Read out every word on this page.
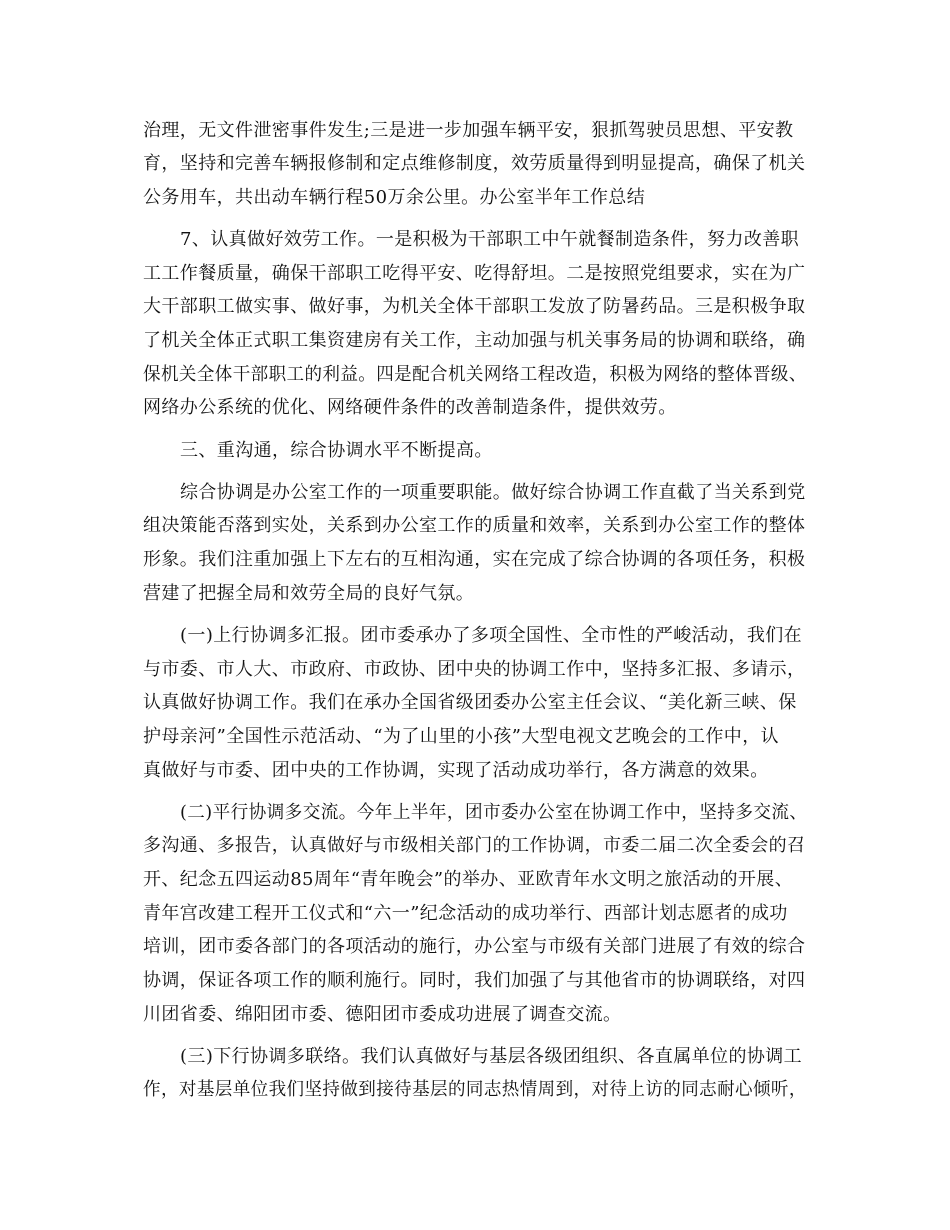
治理，无文件泄密事件发生;三是进一步加强车辆平安，狠抓驾驶员思想、平安教
育，坚持和完善车辆报修制和定点维修制度，效劳质量得到明显提高，确保了机关
公务用车，共出动车辆行程50万余公里。办公室半年工作总结
7、认真做好效劳工作。一是积极为干部职工中午就餐制造条件，努力改善职
工工作餐质量，确保干部职工吃得平安、吃得舒坦。二是按照党组要求，实在为广
大干部职工做实事、做好事，为机关全体干部职工发放了防暑药品。三是积极争取
了机关全体正式职工集资建房有关工作，主动加强与机关事务局的协调和联络，确
保机关全体干部职工的利益。四是配合机关网络工程改造，积极为网络的整体晋级、
网络办公系统的优化、网络硬件条件的改善制造条件，提供效劳。
三、重沟通，综合协调水平不断提高。
综合协调是办公室工作的一项重要职能。做好综合协调工作直截了当关系到党
组决策能否落到实处，关系到办公室工作的质量和效率，关系到办公室工作的整体
形象。我们注重加强上下左右的互相沟通，实在完成了综合协调的各项任务，积极
营建了把握全局和效劳全局的良好气氛。
(一)上行协调多汇报。团市委承办了多项全国性、全市性的严峻活动，我们在
与市委、市人大、市政府、市政协、团中央的协调工作中，坚持多汇报、多请示，
认真做好协调工作。我们在承办全国省级团委办公室主任会议、“美化新三峡、保
护母亲河”全国性示范活动、“为了山里的小孩”大型电视文艺晚会的工作中，认
真做好与市委、团中央的工作协调，实现了活动成功举行，各方满意的效果。
(二)平行协调多交流。今年上半年，团市委办公室在协调工作中，坚持多交流、
多沟通、多报告，认真做好与市级相关部门的工作协调，市委二届二次全委会的召
开、纪念五四运动85周年“青年晚会”的举办、亚欧青年水文明之旅活动的开展、
青年宫改建工程开工仪式和“六一”纪念活动的成功举行、西部计划志愿者的成功
培训，团市委各部门的各项活动的施行，办公室与市级有关部门进展了有效的综合
协调，保证各项工作的顺利施行。同时，我们加强了与其他省市的协调联络，对四
川团省委、绵阳团市委、德阳团市委成功进展了调查交流。
(三)下行协调多联络。我们认真做好与基层各级团组织、各直属单位的协调工
作，对基层单位我们坚持做到接待基层的同志热情周到，对待上访的同志耐心倾听，
